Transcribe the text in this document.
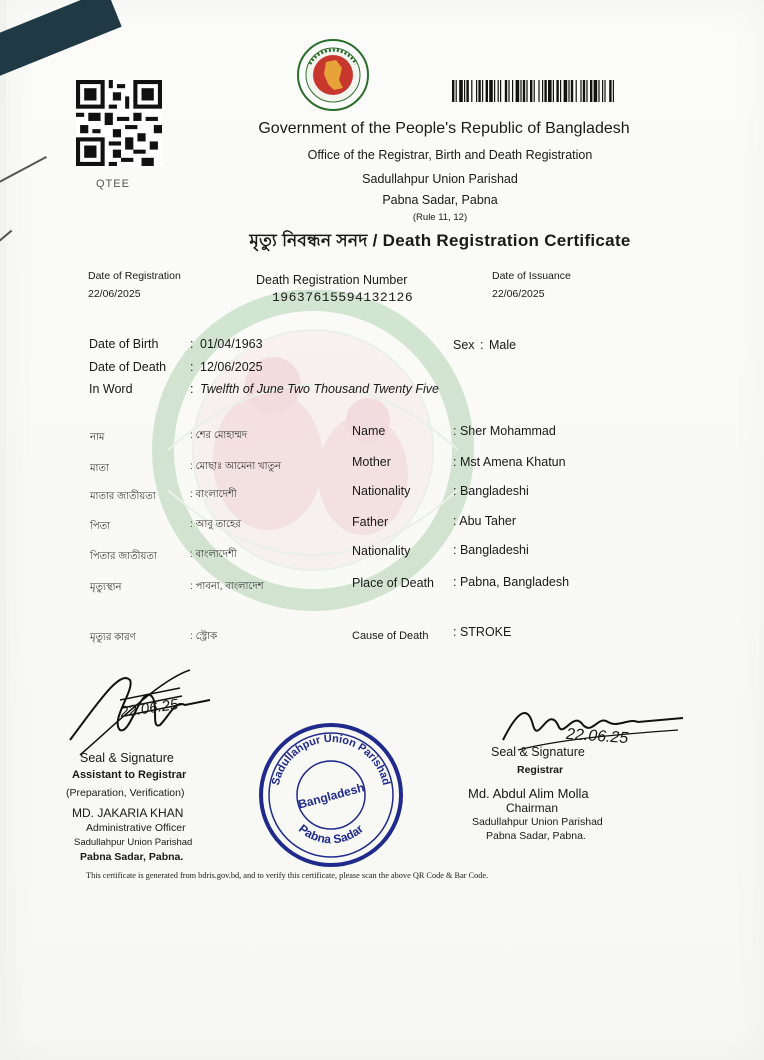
QTEE
Government of the People's Republic of Bangladesh
Office of the Registrar, Birth and Death Registration
Sadullahpur Union Parishad
Pabna Sadar, Pabna
(Rule 11, 12)
মৃত্যু নিবন্ধন সনদ / Death Registration Certificate
Date of Registration
22/06/2025
Death Registration Number
19637615594132126
Date of Issuance
22/06/2025
Date of Birth	: 01/04/1963
Date of Death : 12/06/2025
In Word	: Twelfth of June Two Thousand Twenty Five
Sex : Male
নাম	: শের মোহাম্মদ	Name	: Sher Mohammad
মাতা	: মোছাঃ আমেনা খাতুন	Mother	: Mst Amena Khatun
মাতার জাতীয়তা	: বাংলাদেশী	Nationality	: Bangladeshi
পিতা	: আবু তাহের	Father	: Abu Taher
পিতার জাতীয়তা	: বাংলাদেশী	Nationality	: Bangladeshi
মৃত্যুস্থান	: পাবনা, বাংলাদেশ	Place of Death : Pabna, Bangladesh
মৃত্যুর কারণ	: স্ট্রোক	Cause of Death : STROKE
22.06.25
Seal & Signature
Assistant to Registrar
(Preparation, Verification)
MD. JAKARIA KHAN
Administrative Officer
Sadullahpur Union Parishad
Pabna Sadar, Pabna.
Sadullahpur Union Parishad
Bangladesh
Pabna Sadar
22.06.25
Seal & Signature
Registrar
Md. Abdul Alim Molla
Chairman
Sadullahpur Union Parishad
Pabna Sadar, Pabna.
This certificate is generated from bdris.gov.bd, and to verify this certificate, please scan the above QR Code & Bar Code.
